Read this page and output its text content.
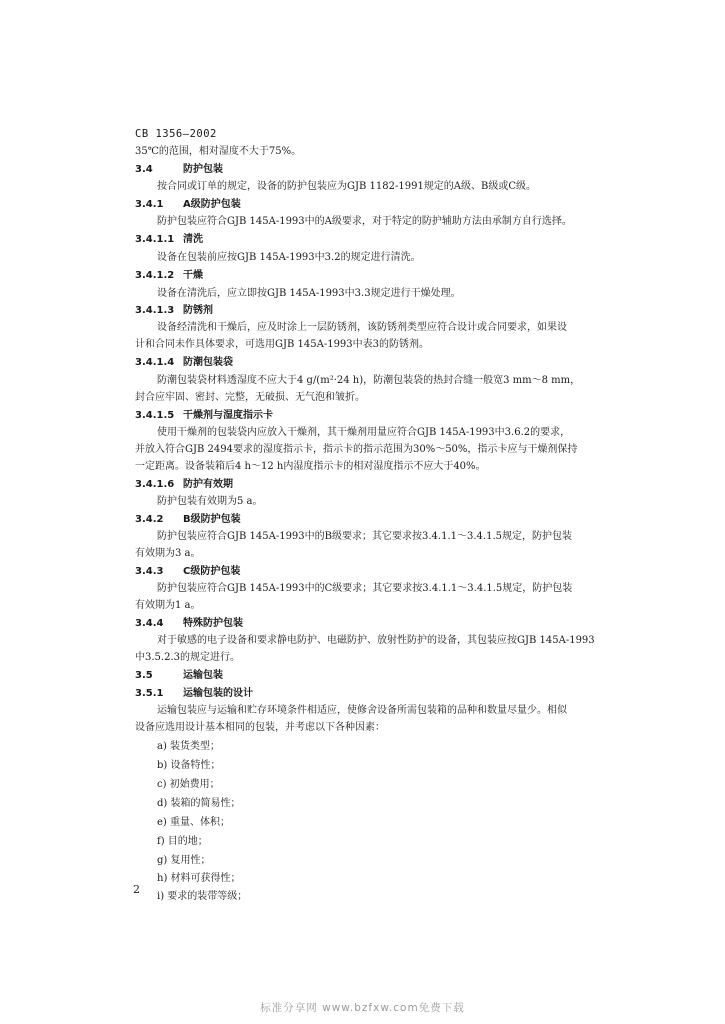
CB 1356—2002
35℃的范围，相对湿度不大于75%。
3.4	防护包装
按合同或订单的规定，设备的防护包装应为GJB 1182-1991规定的A级、B级或C级。
3.4.1 A级防护包装
防护包装应符合GJB 145A-1993中的A级要求，对于特定的防护辅助方法由承制方自行选择。
3.4.1.1 清洗
设备在包装前应按GJB 145A-1993中3.2的规定进行清洗。
3.4.1.2 干燥
设备在清洗后，应立即按GJB 145A-1993中3.3规定进行干燥处理。
3.4.1.3 防锈剂
设备经清洗和干燥后，应及时涂上一层防锈剂，该防锈剂类型应符合设计或合同要求，如果设
计和合同未作具体要求，可选用GJB 145A-1993中表3的防锈剂。
3.4.1.4 防潮包装袋
防潮包装袋材料透湿度不应大于4 g/(m²·24 h)，防潮包装袋的热封合缝一般宽3 mm～8 mm，
封合应牢固、密封、完整，无破损、无气泡和皱折。
3.4.1.5 干燥剂与湿度指示卡
使用干燥剂的包装袋内应放入干燥剂，其干燥剂用量应符合GJB 145A-1993中3.6.2的要求，
并放入符合GJB 2494要求的湿度指示卡，指示卡的指示范围为30%～50%，指示卡应与干燥剂保持
一定距离。设备装箱后4 h～12 h内湿度指示卡的相对湿度指示不应大于40%。
3.4.1.6 防护有效期
防护包装有效期为5 a。
3.4.2 B级防护包装
防护包装应符合GJB 145A-1993中的B级要求；其它要求按3.4.1.1～3.4.1.5规定，防护包装
有效期为3 a。
3.4.3 C级防护包装
防护包装应符合GJB 145A-1993中的C级要求；其它要求按3.4.1.1～3.4.1.5规定，防护包装
有效期为1 a。
3.4.4 特殊防护包装
对于敏感的电子设备和要求静电防护、电磁防护、放射性防护的设备，其包装应按GJB 145A-1993
中3.5.2.3的规定进行。
3.5	运输包装
3.5.1 运输包装的设计
运输包装应与运输和贮存环境条件相适应，使修舍设备所需包装箱的品种和数量尽量少。相似
设备应选用设计基本相同的包装，并考虑以下各种因素：
a) 装货类型；
b) 设备特性；
c) 初始费用；
d) 装箱的简易性；
e) 重量、体积；
f) 目的地；
g) 复用性；
h) 材料可获得性；
i) 要求的装带等级；
2
标准分享网 www.bzfxw.com免费下载
